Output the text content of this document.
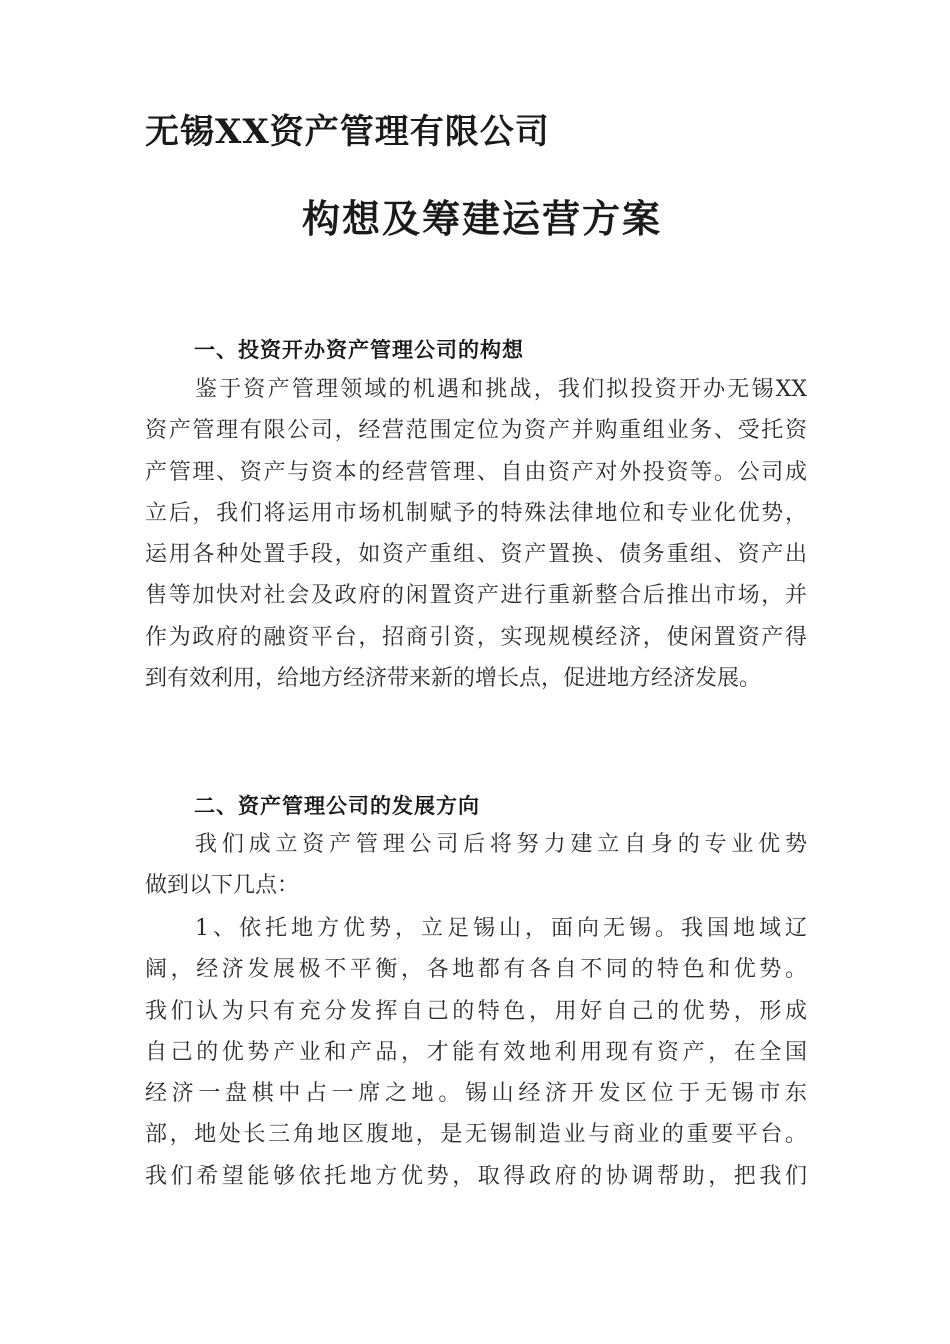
无锡XX资产管理有限公司
构想及筹建运营方案
一、投资开办资产管理公司的构想
鉴于资产管理领域的机遇和挑战，我们拟投资开办无锡XX
资产管理有限公司，经营范围定位为资产并购重组业务、受托资
产管理、资产与资本的经营管理、自由资产对外投资等。公司成
立后，我们将运用市场机制赋予的特殊法律地位和专业化优势，
运用各种处置手段，如资产重组、资产置换、债务重组、资产出
售等加快对社会及政府的闲置资产进行重新整合后推出市场，并
作为政府的融资平台，招商引资，实现规模经济，使闲置资产得
到有效利用，给地方经济带来新的增长点，促进地方经济发展。
二、资产管理公司的发展方向
我们成立资产管理公司后将努力建立自身的专业优势
做到以下几点：
1、依托地方优势，立足锡山，面向无锡。我国地域辽
阔，经济发展极不平衡，各地都有各自不同的特色和优势。
我们认为只有充分发挥自己的特色，用好自己的优势，形成
自己的优势产业和产品，才能有效地利用现有资产，在全国
经济一盘棋中占一席之地。锡山经济开发区位于无锡市东
部，地处长三角地区腹地，是无锡制造业与商业的重要平台。
我们希望能够依托地方优势，取得政府的协调帮助，把我们
